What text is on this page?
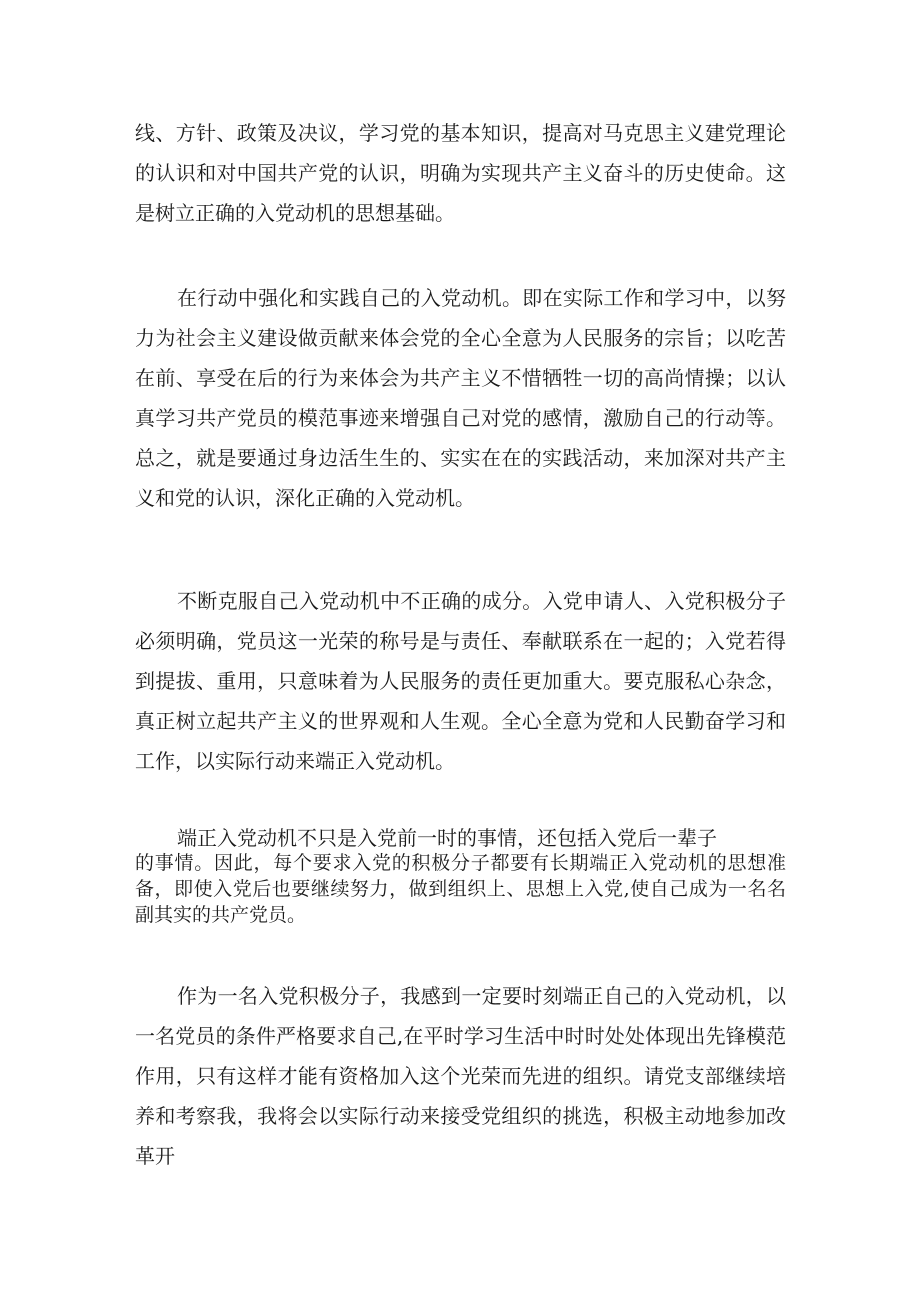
线、方针、政策及决议，学习党的基本知识，提高对马克思主义建党理论的认识和对中国共产党的认识，明确为实现共产主义奋斗的历史使命。这是树立正确的入党动机的思想基础。

在行动中强化和实践自己的入党动机。即在实际工作和学习中，以努力为社会主义建设做贡献来体会党的全心全意为人民服务的宗旨；以吃苦在前、享受在后的行为来体会为共产主义不惜牺牲一切的高尚情操；以认真学习共产党员的模范事迹来增强自己对党的感情，激励自己的行动等。总之，就是要通过身边活生生的、实实在在的实践活动，来加深对共产主义和党的认识，深化正确的入党动机。

不断克服自己入党动机中不正确的成分。入党申请人、入党积极分子必须明确，党员这一光荣的称号是与责任、奉献联系在一起的；入党若得到提拔、重用，只意味着为人民服务的责任更加重大。要克服私心杂念，真正树立起共产主义的世界观和人生观。全心全意为党和人民勤奋学习和工作，以实际行动来端正入党动机。

端正入党动机不只是入党前一时的事情，还包括入党后一辈子

的事情。因此，每个要求入党的积极分子都要有长期端正入党动机的思想准备，即使入党后也要继续努力，做到组织上、思想上入党,使自己成为一名名副其实的共产党员。

作为一名入党积极分子，我感到一定要时刻端正自己的入党动机，以一名党员的条件严格要求自己,在平时学习生活中时时处处体现出先锋模范作用，只有这样才能有资格加入这个光荣而先进的组织。请党支部继续培养和考察我，我将会以实际行动来接受党组织的挑选，积极主动地参加改革开
